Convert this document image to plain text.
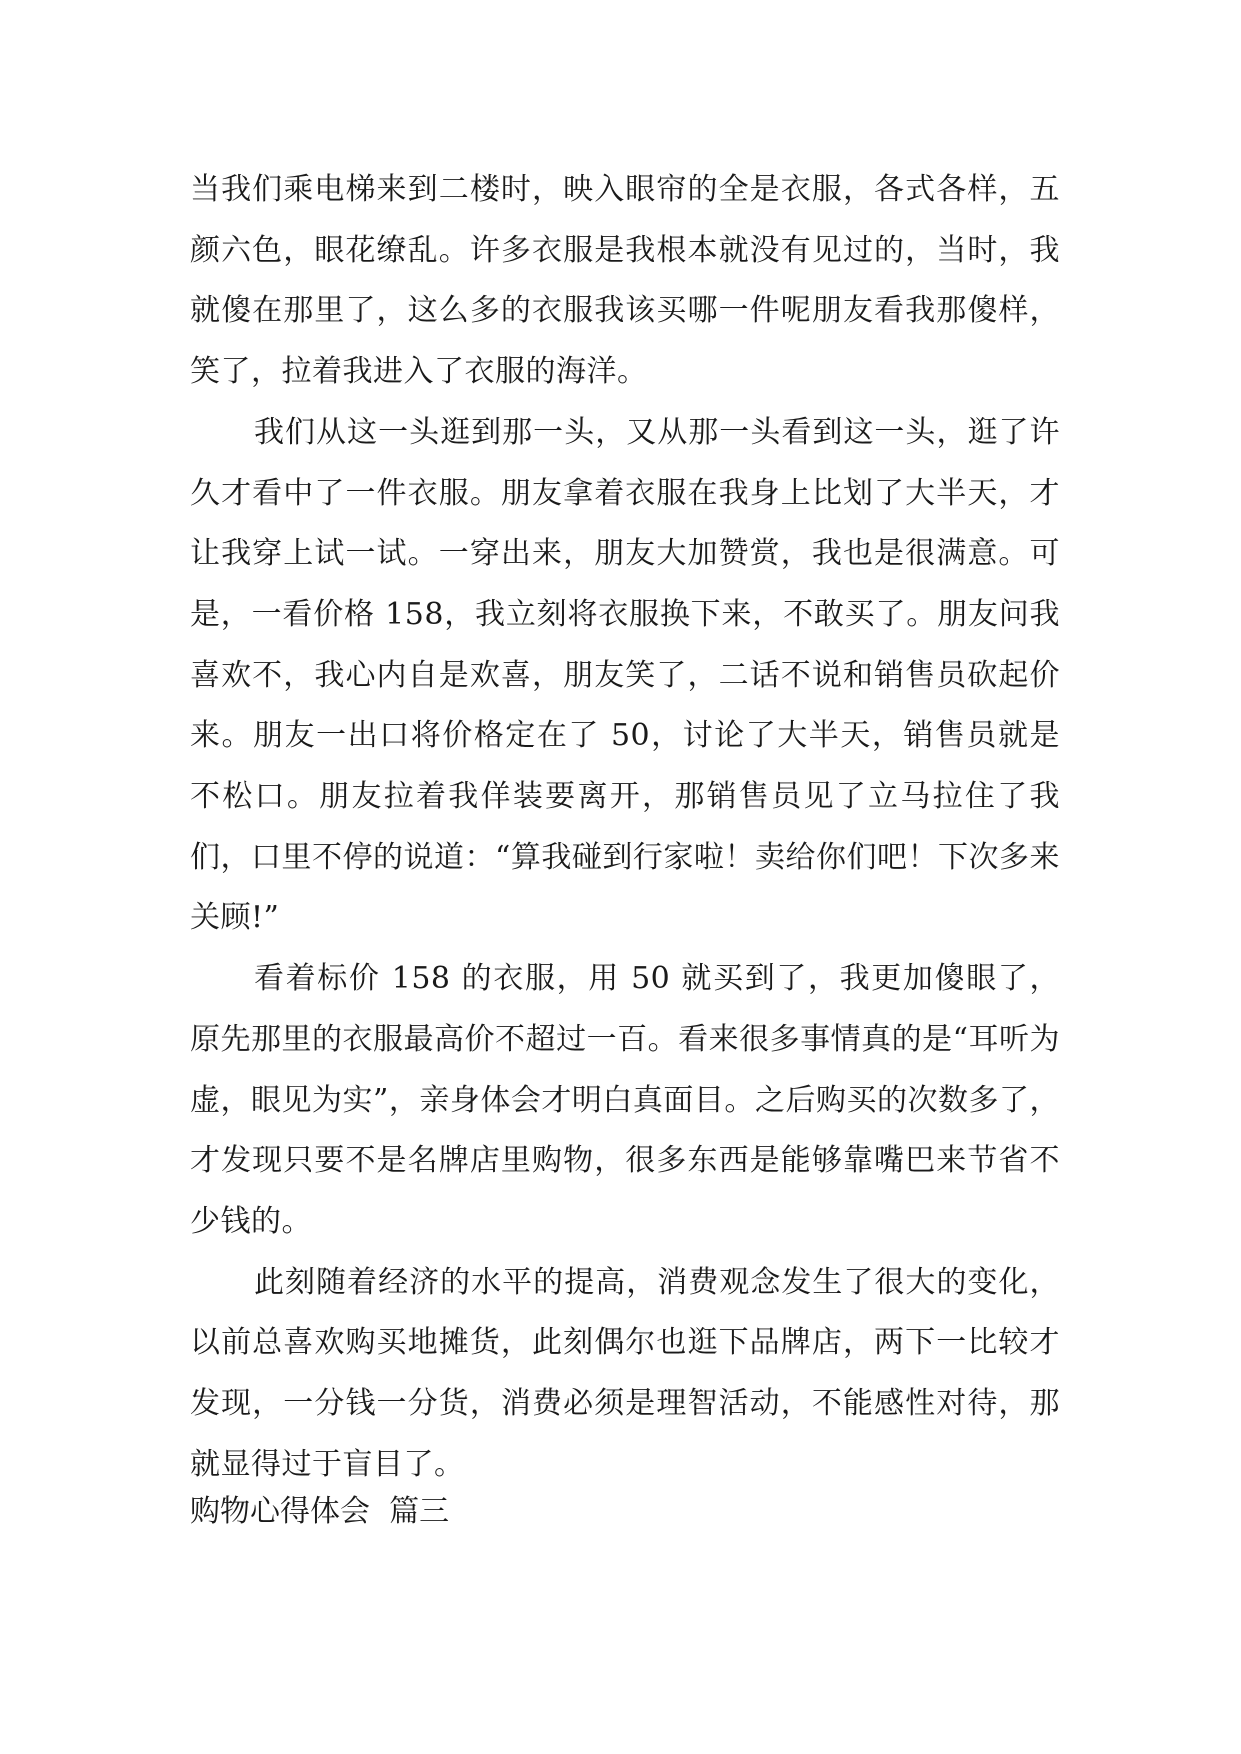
当我们乘电梯来到二楼时，映入眼帘的全是衣服，各式各样，五颜六色，眼花缭乱。许多衣服是我根本就没有见过的，当时，我就傻在那里了，这么多的衣服我该买哪一件呢朋友看我那傻样，笑了，拉着我进入了衣服的海洋。

我们从这一头逛到那一头，又从那一头看到这一头，逛了许久才看中了一件衣服。朋友拿着衣服在我身上比划了大半天，才让我穿上试一试。一穿出来，朋友大加赞赏，我也是很满意。可是，一看价格 158，我立刻将衣服换下来，不敢买了。朋友问我喜欢不，我心内自是欢喜，朋友笑了，二话不说和销售员砍起价来。朋友一出口将价格定在了 50，讨论了大半天，销售员就是不松口。朋友拉着我佯装要离开，那销售员见了立马拉住了我们，口里不停的说道：“算我碰到行家啦！卖给你们吧！下次多来关顾!”

看着标价 158 的衣服，用 50 就买到了，我更加傻眼了，原先那里的衣服最高价不超过一百。看来很多事情真的是“耳听为虚，眼见为实”，亲身体会才明白真面目。之后购买的次数多了，才发现只要不是名牌店里购物，很多东西是能够靠嘴巴来节省不少钱的。

此刻随着经济的水平的提高，消费观念发生了很大的变化，以前总喜欢购买地摊货，此刻偶尔也逛下品牌店，两下一比较才发现，一分钱一分货，消费必须是理智活动，不能感性对待，那就显得过于盲目了。

购物心得体会  篇三
